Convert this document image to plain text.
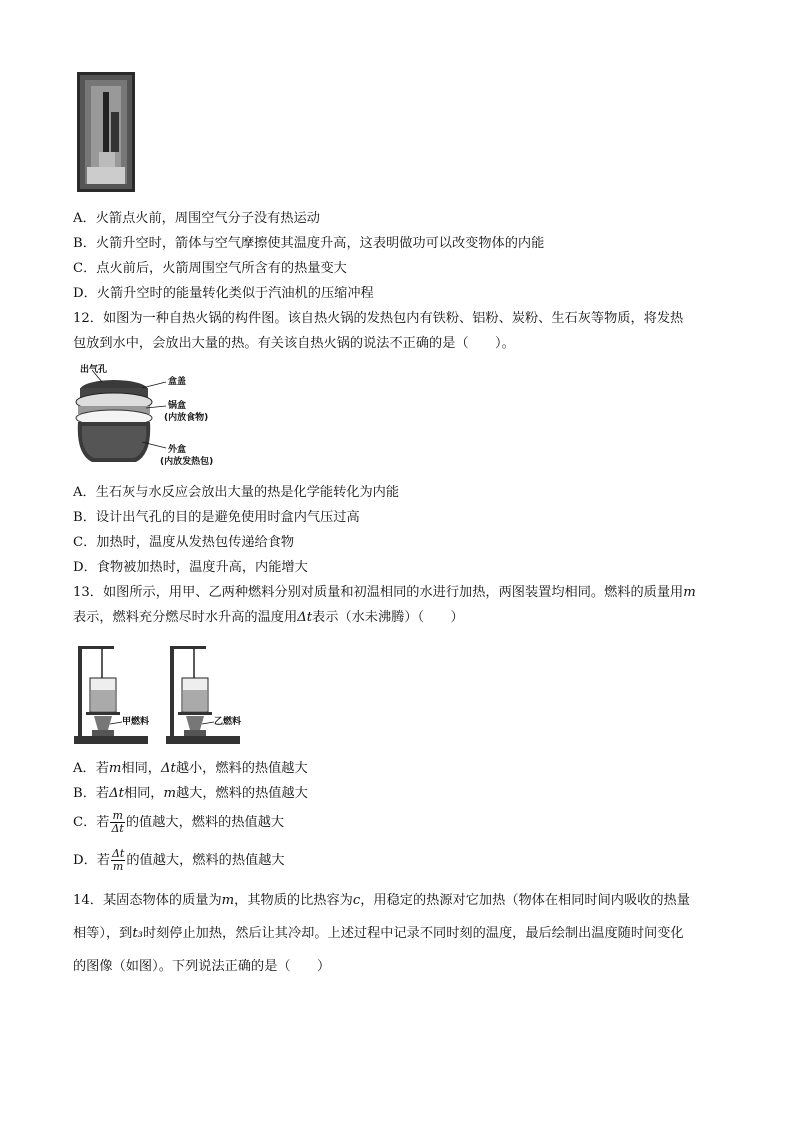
A．火箭点火前，周围空气分子没有热运动
B．火箭升空时，箭体与空气摩擦使其温度升高，这表明做功可以改变物体的内能
C．点火前后，火箭周围空气所含有的热量变大
D．火箭升空时的能量转化类似于汽油机的压缩冲程
12．如图为一种自热火锅的构件图。该自热火锅的发热包内有铁粉、铝粉、炭粉、生石灰等物质，将发热
包放到水中，会放出大量的热。有关该自热火锅的说法不正确的是（　　）。
出气孔
盒盖
锅盒
(内放食物)
外盒
(内放发热包)
A．生石灰与水反应会放出大量的热是化学能转化为内能
B．设计出气孔的目的是避免使用时盒内气压过高
C．加热时，温度从发热包传递给食物
D．食物被加热时，温度升高，内能增大
13．如图所示，用甲、乙两种燃料分别对质量和初温相同的水进行加热，两图装置均相同。燃料的质量用m
表示，燃料充分燃尽时水升高的温度用Δt表示（水未沸腾）（　　）
甲燃料	乙燃料
A．若m相同，Δt越小，燃料的热值越大
B．若Δt相同，m越大，燃料的热值越大
C．若 $\frac{m}{\Delta t}$ 的值越大，燃料的热值越大
D．若 $\frac{\Delta t}{m}$ 的值越大，燃料的热值越大
14．某固态物体的质量为m，其物质的比热容为c，用稳定的热源对它加热（物体在相同时间内吸收的热量
相等），到t₃时刻停止加热，然后让其冷却。上述过程中记录不同时刻的温度，最后绘制出温度随时间变化
的图像（如图）。下列说法正确的是（　　）
